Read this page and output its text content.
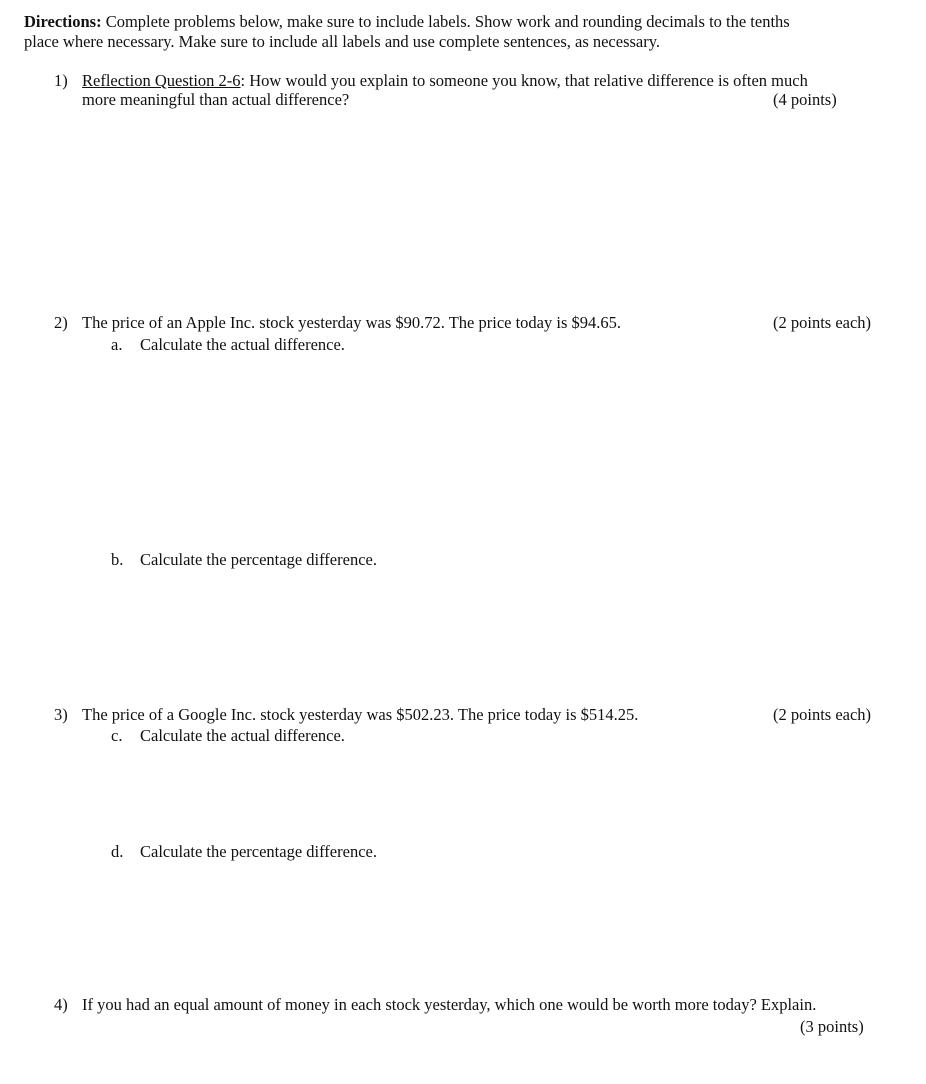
Directions: Complete problems below, make sure to include labels. Show work and rounding decimals to the tenths
place where necessary. Make sure to include all labels and use complete sentences, as necessary.
1) Reflection Question 2-6: How would you explain to someone you know, that relative difference is often much
more meaningful than actual difference?	(4 points)
2) The price of an Apple Inc. stock yesterday was $90.72. The price today is $94.65.	(2 points each)
a. Calculate the actual difference.
b. Calculate the percentage difference.
3) The price of a Google Inc. stock yesterday was $502.23. The price today is $514.25.	(2 points each)
c. Calculate the actual difference.
d. Calculate the percentage difference.
4) If you had an equal amount of money in each stock yesterday, which one would be worth more today? Explain.
(3 points)
